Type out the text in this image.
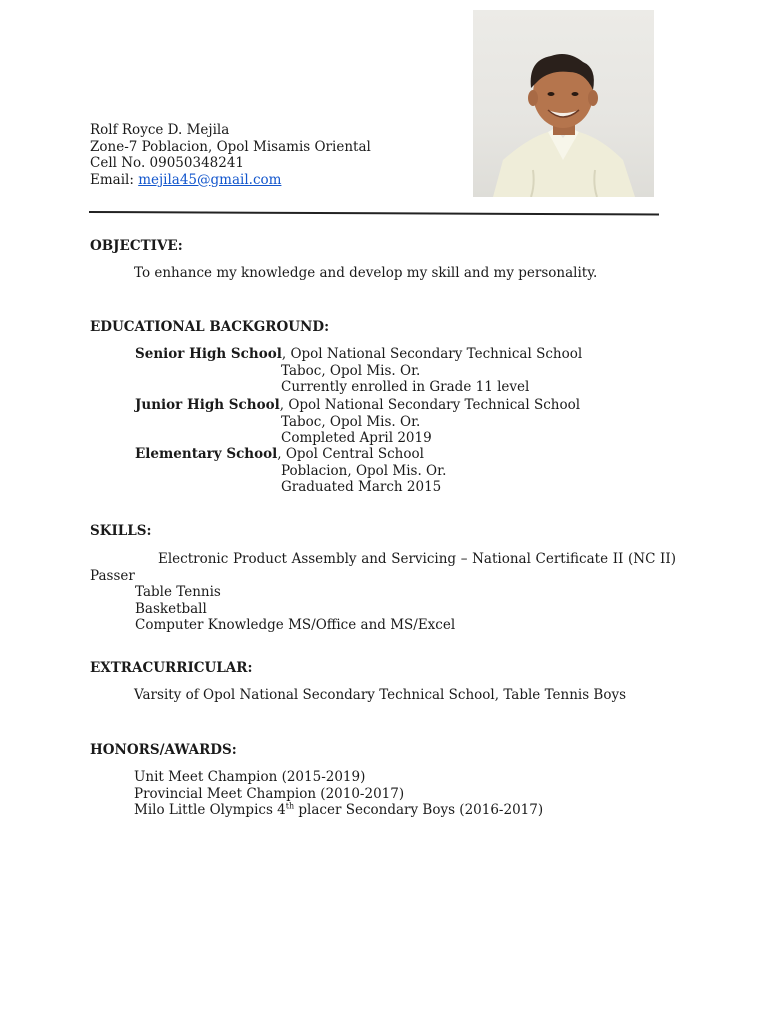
Rolf Royce D. Mejila
Zone-7 Poblacion, Opol Misamis Oriental
Cell No. 09050348241
Email: mejila45@gmail.com
OBJECTIVE:
To enhance my knowledge and develop my skill and my personality.
EDUCATIONAL BACKGROUND:
Senior High School, Opol National Secondary Technical School
Taboc, Opol Mis. Or.
Currently enrolled in Grade 11 level
Junior High School, Opol National Secondary Technical School
Taboc, Opol Mis. Or.
Completed April 2019
Elementary School, Opol Central School
Poblacion, Opol Mis. Or.
Graduated March 2015
SKILLS:
Electronic Product Assembly and Servicing – National Certificate II (NC II)
Passer
Table Tennis
Basketball
Computer Knowledge MS/Office and MS/Excel
EXTRACURRICULAR:
Varsity of Opol National Secondary Technical School, Table Tennis Boys
HONORS/AWARDS:
Unit Meet Champion (2015-2019)
Provincial Meet Champion (2010-2017)
Milo Little Olympics 4th placer Secondary Boys (2016-2017)
